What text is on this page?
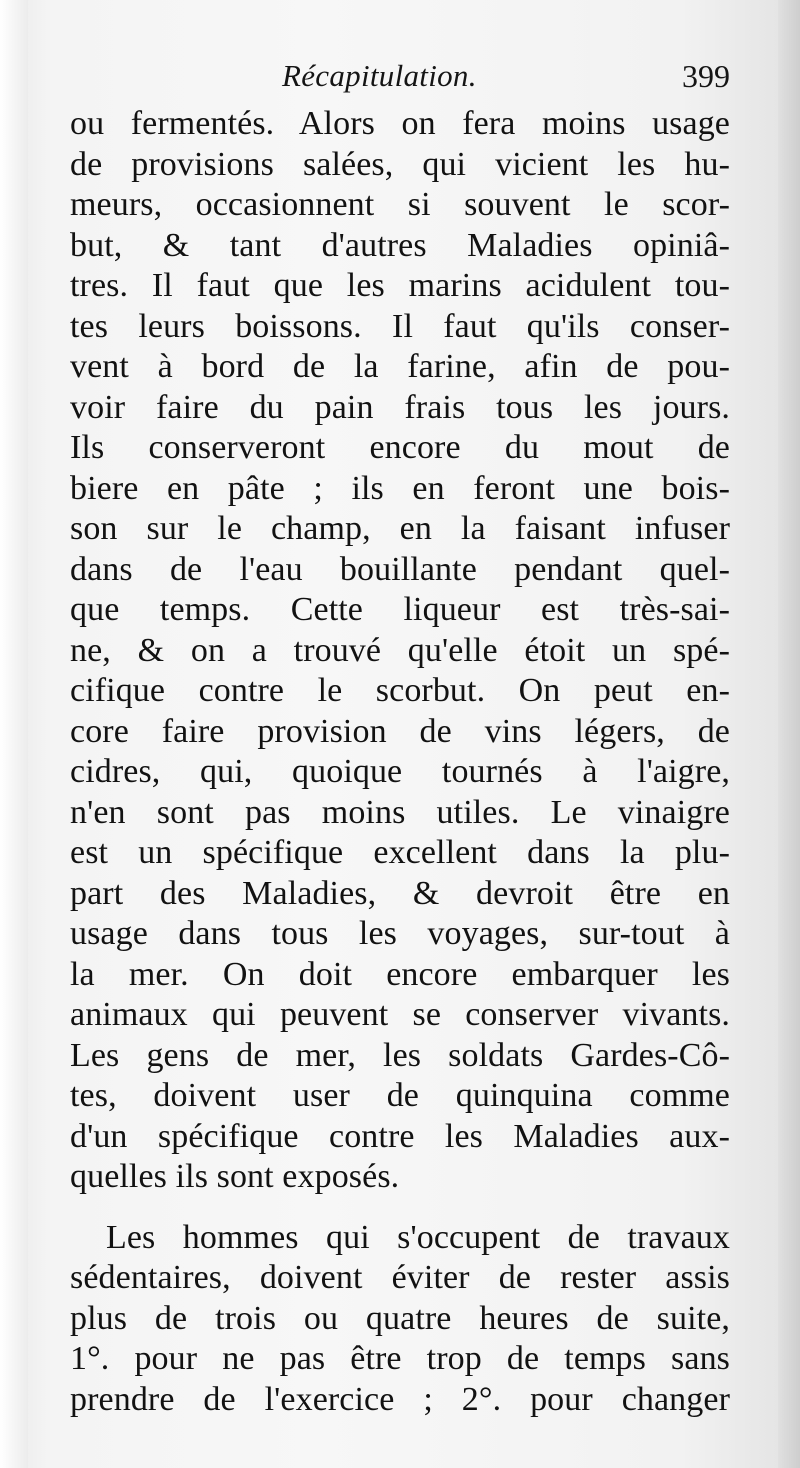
Récapitulation.	399
ou fermentés. Alors on fera moins usage
de provisions salées, qui vicient les hu-
meurs, occasionnent si souvent le scor-
but, & tant d'autres Maladies opiniâ-
tres. Il faut que les marins acidulent tou-
tes leurs boissons. Il faut qu'ils conser-
vent à bord de la farine, afin de pou-
voir faire du pain frais tous les jours.
Ils conserveront encore du mout de
biere en pâte ; ils en feront une bois-
son sur le champ, en la faisant infuser
dans de l'eau bouillante pendant quel-
que temps. Cette liqueur est très-sai-
ne, & on a trouvé qu'elle étoit un spé-
cifique contre le scorbut. On peut en-
core faire provision de vins légers, de
cidres, qui, quoique tournés à l'aigre,
n'en sont pas moins utiles. Le vinaigre
est un spécifique excellent dans la plu-
part des Maladies, & devroit être en
usage dans tous les voyages, sur-tout à
la mer. On doit encore embarquer les
animaux qui peuvent se conserver vivants.
Les gens de mer, les soldats Gardes-Cô-
tes, doivent user de quinquina comme
d'un spécifique contre les Maladies aux-
quelles ils sont exposés.
Les hommes qui s'occupent de travaux
sédentaires, doivent éviter de rester assis
plus de trois ou quatre heures de suite,
1°. pour ne pas être trop de temps sans
prendre de l'exercice ; 2°. pour changer
